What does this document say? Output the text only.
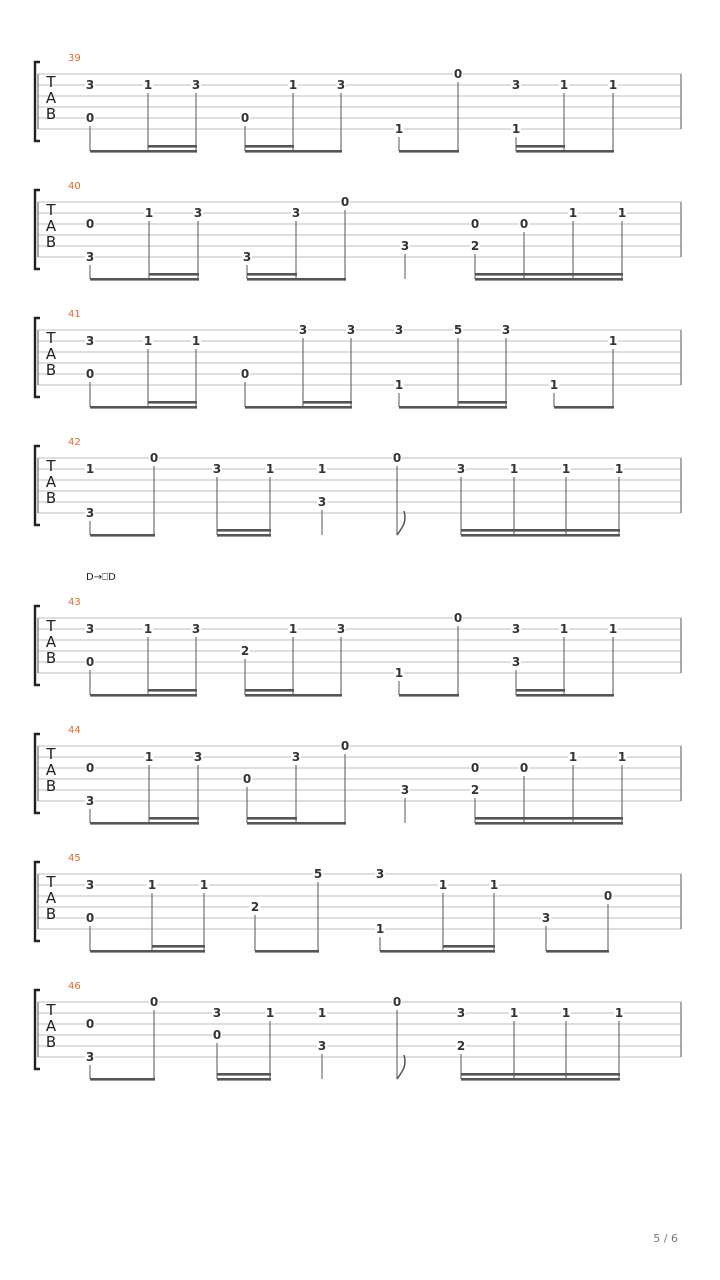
T
A
B
39
3
0
1	3
0
1	3
1
0
3
1
1	1
T
A
B
40
0
3
1	3
3
3
0
3
0
2
0
1	1
T
A
B
41
3
0
1	1
0
3	3	3
1
5	3
1
1
T
A
B
42
1
3
0
3	1	1
3
0
3	1	1	1
T
A
B
43
3
0
1	3
2
1	3
1
0
3
3
1	1
T
A
B
44
0
3
1	3
0
3
0
3
0
2
0
1	1
T
A
B
45
3
0
1	1
2
5	3
1
1	1
3
0
T
A
B
46
0
3
0
3
0
1	1
3
0
3
2
1	1	1
D→⎕D
5 / 6
